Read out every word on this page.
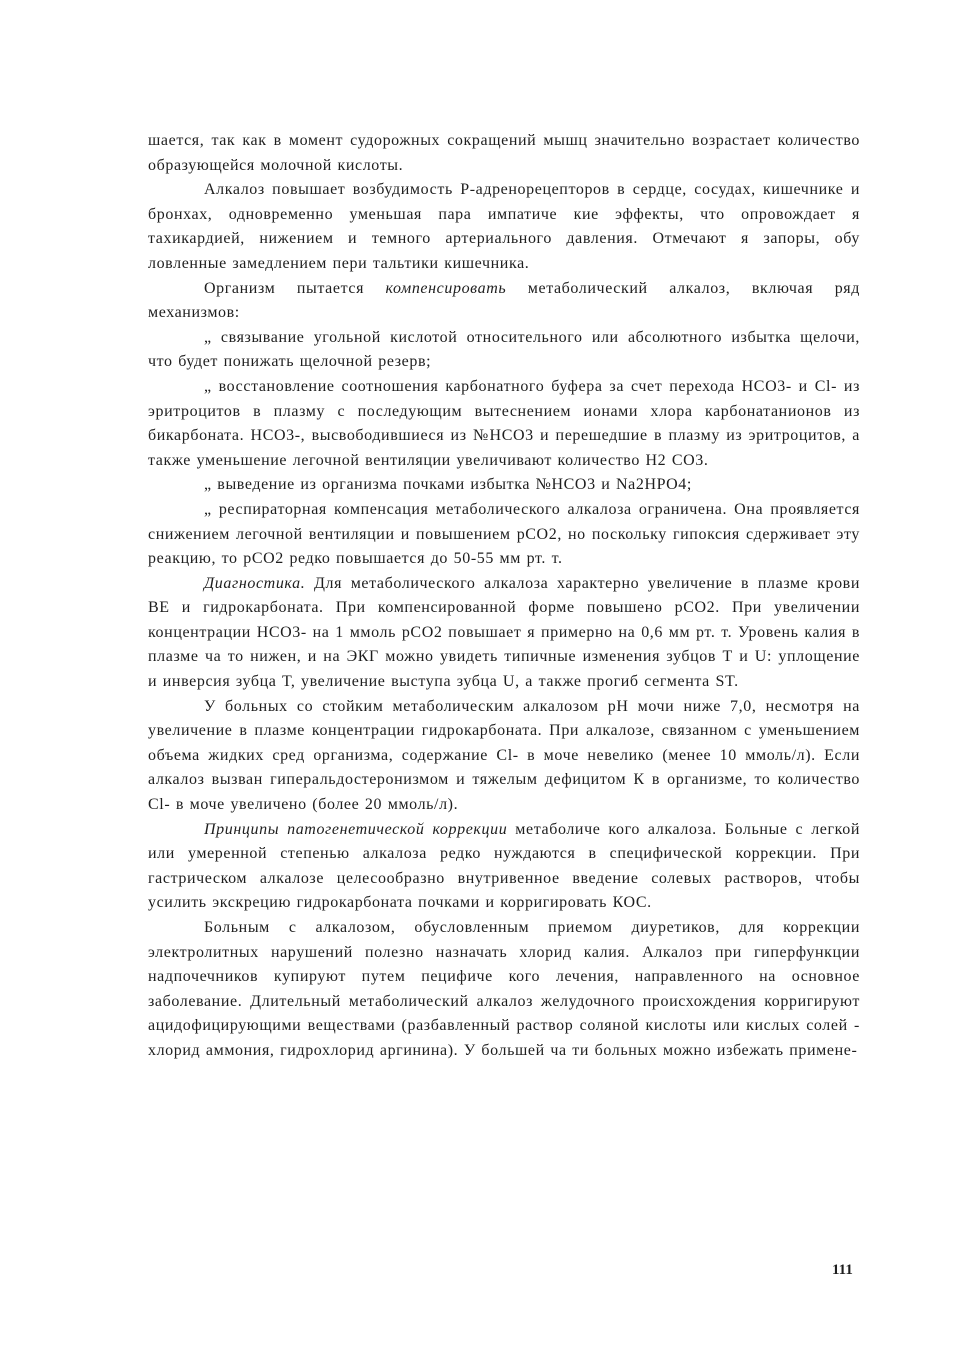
шается, так как в момент судорожных сокращений мышц значительно возрастает количество образующейся молочной кислоты.

Алкалоз повышает возбудимость Р-адренорецепторов в сердце, сосудах, кишечнике и бронхах, одновременно уменьшая пара импатиче кие эффекты, что опровождает я тахикардией, нижением и темного артериального давления. Отмечают я запоры, обу ловленные замедлением пери тальтики кишечника.

Организм пытается компенсировать метаболический алкалоз, включая ряд механизмов:

„ связывание угольной кислотой относительного или абсолютного избытка щелочи, что будет понижать щелочной резерв;

„ восстановление соотношения карбонатного буфера за счет перехода НСО3- и Cl- из эритроцитов в плазму с последующим вытеснением ионами хлора карбонатанионов из бикарбоната. НСО3-, высвободившиеся из №НСО3 и перешедшие в плазму из эритроцитов, а также уменьшение легочной вентиляции увеличивают количество Н2 СО3.

„ выведение из организма почками избытка №НСО3 и Na2HPO4;

„ респираторная компенсация метаболического алкалоза ограничена. Она проявляется снижением легочной вентиляции и повышением рСО2, но поскольку гипоксия сдерживает эту реакцию, то рСО2 редко повышается до 50-55 мм рт. т.

Диагностика. Для метаболического алкалоза характерно увеличение в плазме крови ВЕ и гидрокарбоната. При компенсированной форме повышено рСО2. При увеличении концентрации НСО3- на 1 ммоль рСО2 повышает я примерно на 0,6 мм рт. т. Уровень калия в плазме ча то нижен, и на ЭКГ можно увидеть типичные изменения зубцов Т и U: уплощение и инверсия зубца Т, увеличение выступа зубца U, а также прогиб сегмента ST.

У больных со стойким метаболическим алкалозом рН мочи ниже 7,0, несмотря на увеличение в плазме концентрации гидрокарбоната. При алкалозе, связанном с уменьшением объема жидких сред организма, содержание Cl- в моче невелико (менее 10 ммоль/л). Если алкалоз вызван гиперальдостеронизмом и тяжелым дефицитом К в организме, то количество Cl- в моче увеличено (более 20 ммоль/л).

Принципы патогенетической коррекции метаболиче кого алкалоза. Больные с легкой или умеренной степенью алкалоза редко нуждаются в специфической коррекции. При гастрическом алкалозе целесообразно внутривенное введение солевых растворов, чтобы усилить экскрецию гидрокарбоната почками и корригировать КОС.

Больным с алкалозом, обусловленным приемом диуретиков, для коррекции электролитных нарушений полезно назначать хлорид калия. Алкалоз при гиперфункции надпочечников купируют путем пецифиче кого лечения, направленного на основное заболевание. Длительный метаболический алкалоз желудочного происхождения корригируют ацидофицирующими веществами (разбавленный раствор соляной кислоты или кислых солей - хлорид аммония, гидрохлорид аргинина). У большей ча ти больных можно избежать примене-

111
